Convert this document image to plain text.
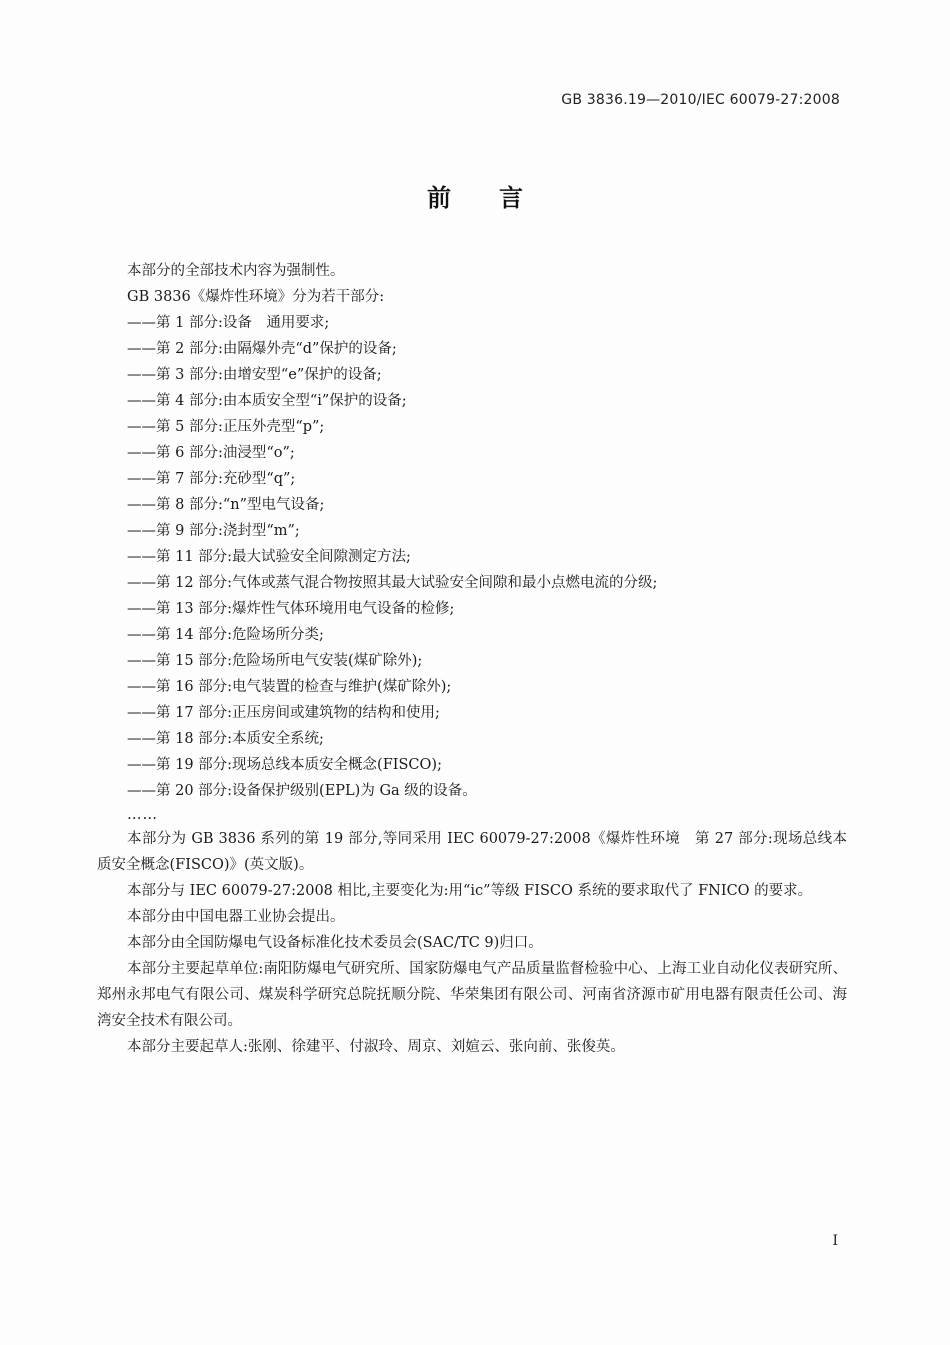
GB 3836.19—2010/IEC 60079-27:2008
前言

本部分的全部技术内容为强制性。

GB 3836《爆炸性环境》分为若干部分:

——第 1 部分:设备　通用要求;
——第 2 部分:由隔爆外壳“d”保护的设备;
——第 3 部分:由增安型“e”保护的设备;
——第 4 部分:由本质安全型“i”保护的设备;
——第 5 部分:正压外壳型“p”;
——第 6 部分:油浸型“o”;
——第 7 部分:充砂型“q”;
——第 8 部分:“n”型电气设备;
——第 9 部分:浇封型“m”;
——第 11 部分:最大试验安全间隙测定方法;
——第 12 部分:气体或蒸气混合物按照其最大试验安全间隙和最小点燃电流的分级;
——第 13 部分:爆炸性气体环境用电气设备的检修;
——第 14 部分:危险场所分类;
——第 15 部分:危险场所电气安装(煤矿除外);
——第 16 部分:电气装置的检查与维护(煤矿除外);
——第 17 部分:正压房间或建筑物的结构和使用;
——第 18 部分:本质安全系统;
——第 19 部分:现场总线本质安全概念(FISCO);
——第 20 部分:设备保护级别(EPL)为 Ga 级的设备。
……

本部分为 GB 3836 系列的第 19 部分,等同采用 IEC 60079-27:2008《爆炸性环境　第 27 部分:现场总线本质安全概念(FISCO)》(英文版)。

本部分与 IEC 60079-27:2008 相比,主要变化为:用“ic”等级 FISCO 系统的要求取代了 FNICO 的要求。

本部分由中国电器工业协会提出。

本部分由全国防爆电气设备标准化技术委员会(SAC/TC 9)归口。

本部分主要起草单位:南阳防爆电气研究所、国家防爆电气产品质量监督检验中心、上海工业自动化仪表研究所、郑州永邦电气有限公司、煤炭科学研究总院抚顺分院、华荣集团有限公司、河南省济源市矿用电器有限责任公司、海湾安全技术有限公司。

本部分主要起草人:张刚、徐建平、付淑玲、周京、刘媗云、张向前、张俊英。

I
